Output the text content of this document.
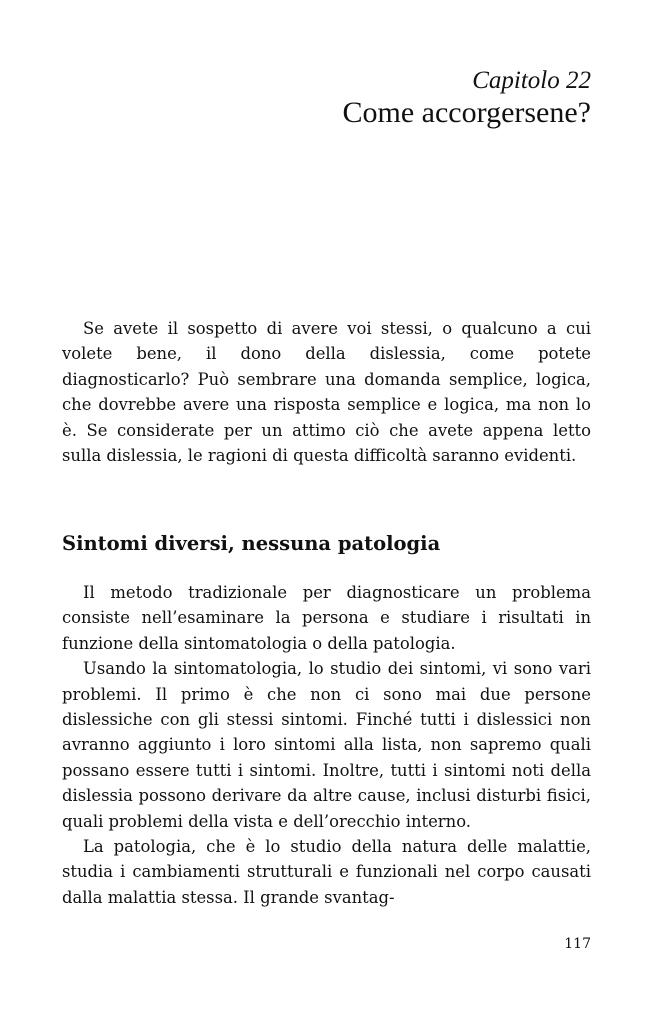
Capitolo 22

Come accorgersene?

Se avete il sospetto di avere voi stessi, o qualcuno a cui volete bene, il dono della dislessia, come potete diagnosticarlo? Può sembrare una domanda semplice, logica, che dovrebbe avere una risposta semplice e logica, ma non lo è. Se considerate per un attimo ciò che avete appena letto sulla dislessia, le ragioni di questa difficoltà saranno evidenti.

Sintomi diversi, nessuna patologia

Il metodo tradizionale per diagnosticare un problema consiste nell’esaminare la persona e studiare i risultati in funzione della sintomatologia o della patologia.

Usando la sintomatologia, lo studio dei sintomi, vi sono vari problemi. Il primo è che non ci sono mai due persone dislessiche con gli stessi sintomi. Finché tutti i dislessici non avranno aggiunto i loro sintomi alla lista, non sapremo quali possano essere tutti i sintomi. Inoltre, tutti i sintomi noti della dislessia possono derivare da altre cause, inclusi disturbi fisici, quali problemi della vista e dell’orecchio interno.

La patologia, che è lo studio della natura delle malattie, studia i cambiamenti strutturali e funzionali nel corpo causati dalla malattia stessa. Il grande svantag-

117
